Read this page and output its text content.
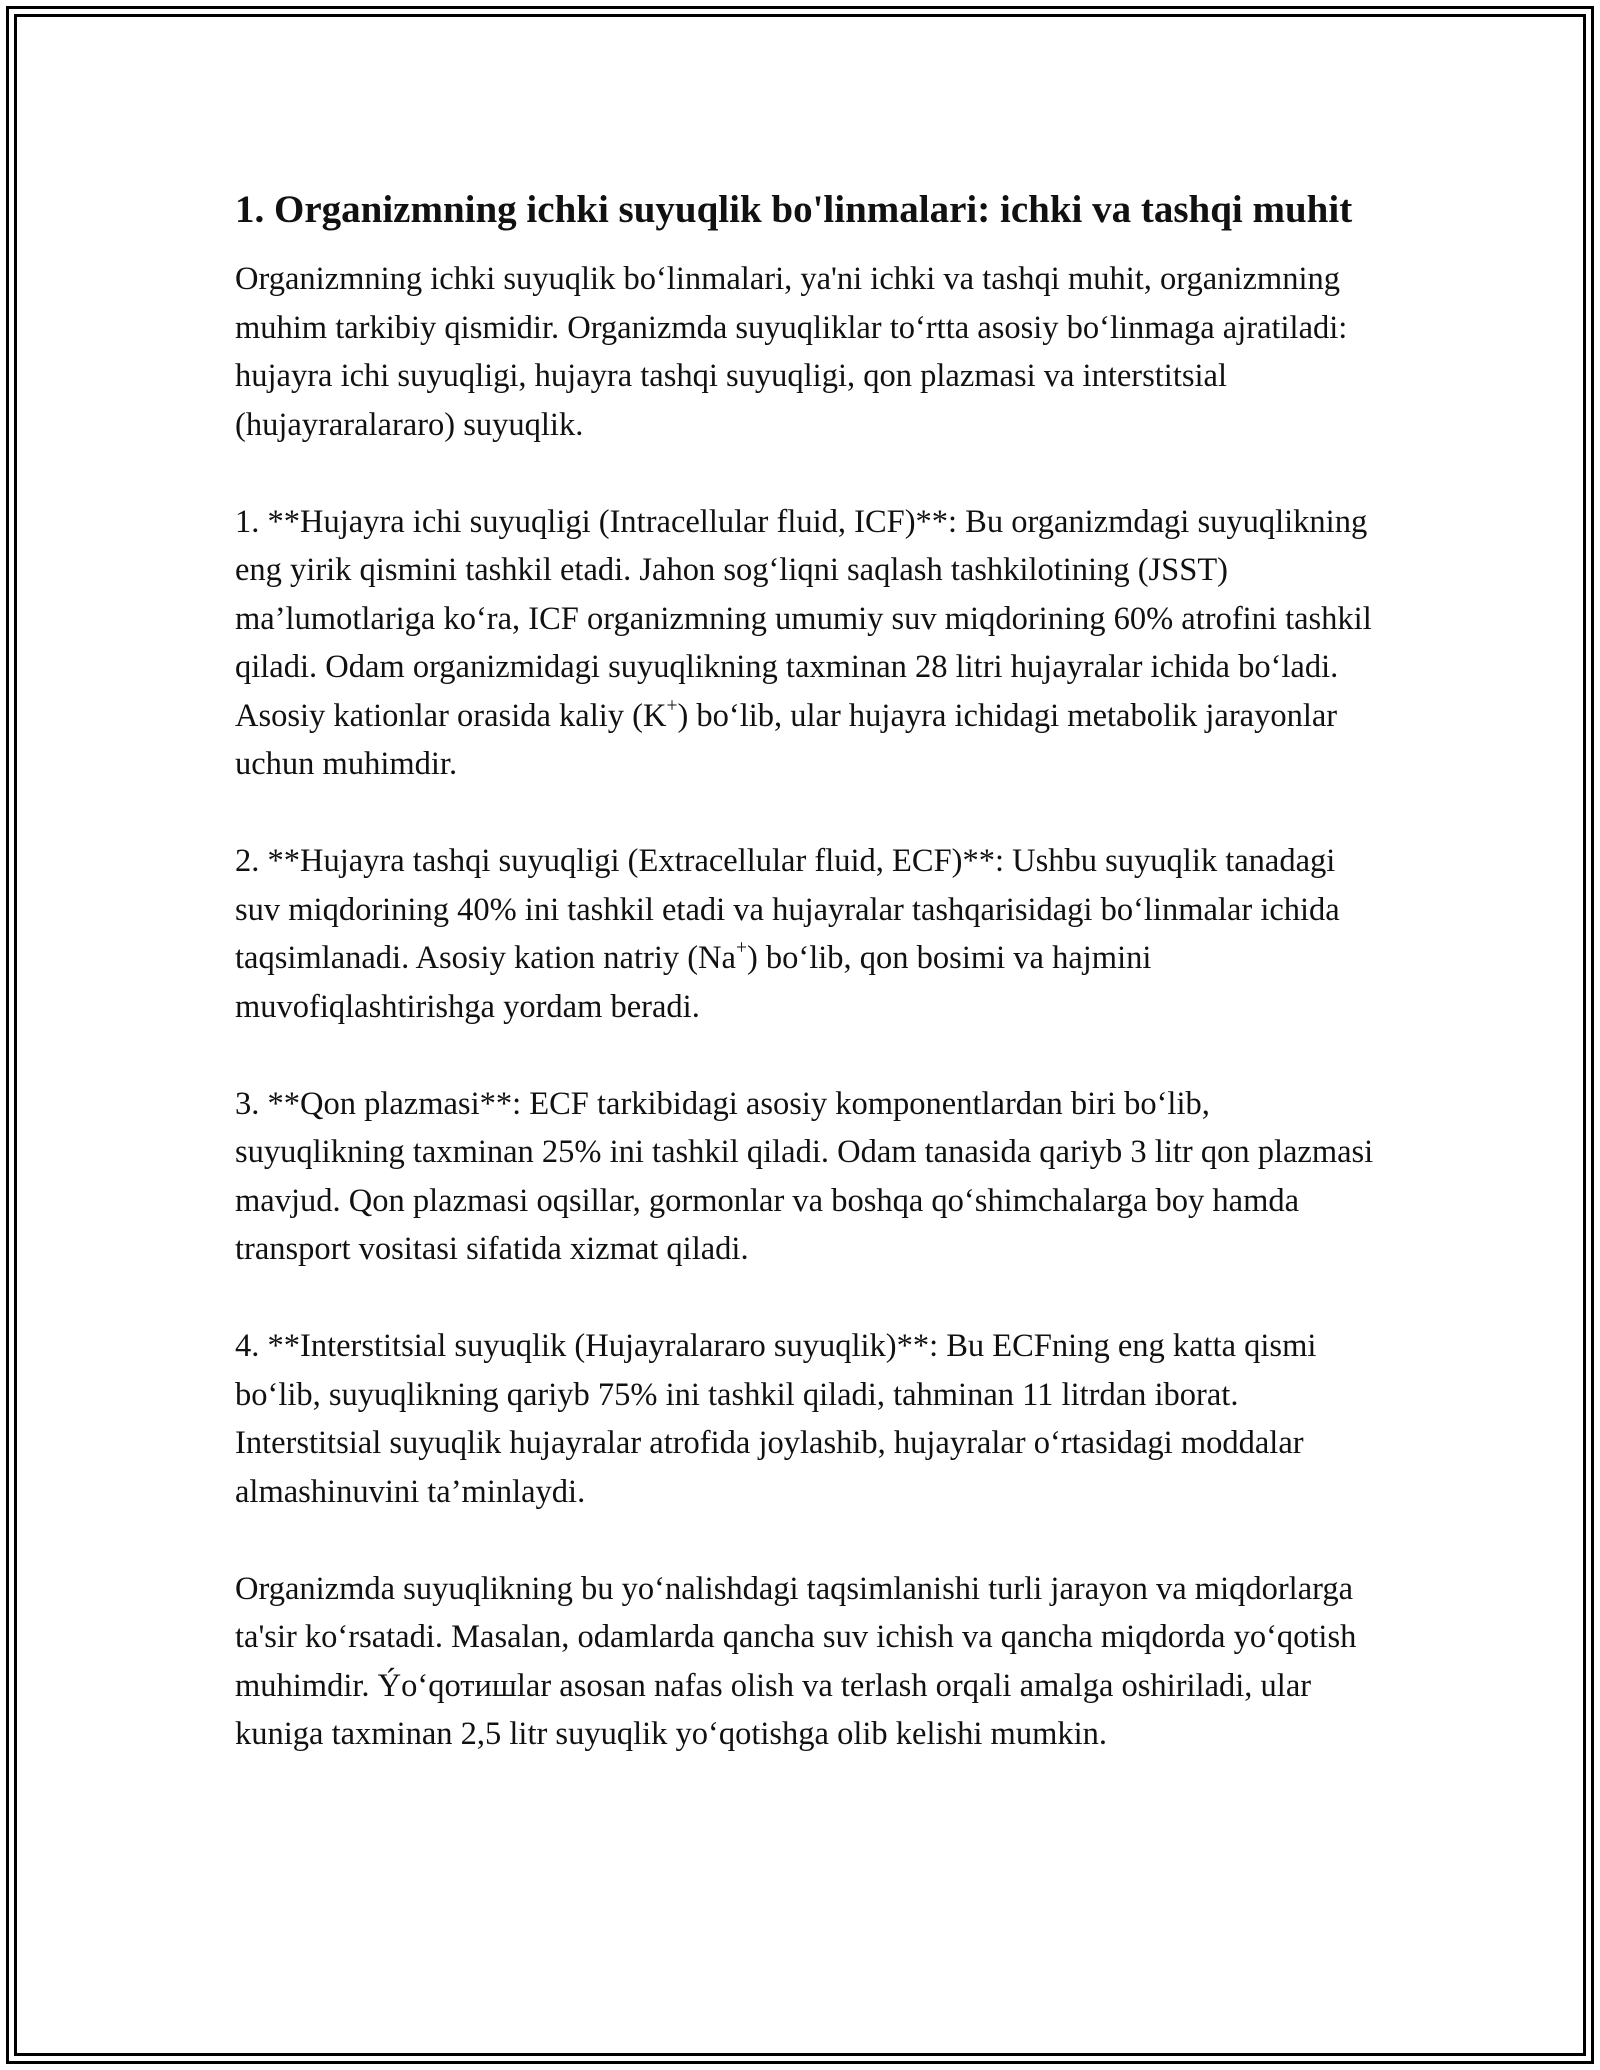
1. Organizmning ichki suyuqlik bo'linmalari: ichki va tashqi muhit

Organizmning ichki suyuqlik bo‘linmalari, ya'ni ichki va tashqi muhit, organizmning muhim tarkibiy qismidir. Organizmda suyuqliklar to‘rtta asosiy bo‘linmaga ajratiladi: hujayra ichi suyuqligi, hujayra tashqi suyuqligi, qon plazmasi va interstitsial (hujayraralararo) suyuqlik.

1. **Hujayra ichi suyuqligi (Intracellular fluid, ICF)**: Bu organizmdagi suyuqlikning eng yirik qismini tashkil etadi. Jahon sog‘liqni saqlash tashkilotining (JSST) ma’lumotlariga ko‘ra, ICF organizmning umumiy suv miqdorining 60% atrofini tashkil qiladi. Odam organizmidagi suyuqlikning taxminan 28 litri hujayralar ichida bo‘ladi. Asosiy kationlar orasida kaliy (K+) bo‘lib, ular hujayra ichidagi metabolik jarayonlar uchun muhimdir.

2. **Hujayra tashqi suyuqligi (Extracellular fluid, ECF)**: Ushbu suyuqlik tanadagi suv miqdorining 40% ini tashkil etadi va hujayralar tashqarisidagi bo‘linmalar ichida taqsimlanadi. Asosiy kation natriy (Na+) bo‘lib, qon bosimi va hajmini muvofiqlashtirishga yordam beradi.

3. **Qon plazmasi**: ECF tarkibidagi asosiy komponentlardan biri bo‘lib, suyuqlikning taxminan 25% ini tashkil qiladi. Odam tanasida qariyb 3 litr qon plazmasi mavjud. Qon plazmasi oqsillar, gormonlar va boshqa qo‘shimchalarga boy hamda transport vositasi sifatida xizmat qiladi.

4. **Interstitsial suyuqlik (Hujayralararo suyuqlik)**: Bu ECFning eng katta qismi bo‘lib, suyuqlikning qariyb 75% ini tashkil qiladi, tahminan 11 litrdan iborat. Interstitsial suyuqlik hujayralar atrofida joylashib, hujayralar o‘rtasidagi moddalar almashinuvini ta’minlaydi.

Organizmda suyuqlikning bu yo‘nalishdagi taqsimlanishi turli jarayon va miqdorlarga ta'sir ko‘rsatadi. Masalan, odamlarda qancha suv ichish va qancha miqdorda yo‘qotish muhimdir. Ýo‘qотишlar asosan nafas olish va terlash orqali amalga oshiriladi, ular kuniga taxminan 2,5 litr suyuqlik yo‘qotishga olib kelishi mumkin.
